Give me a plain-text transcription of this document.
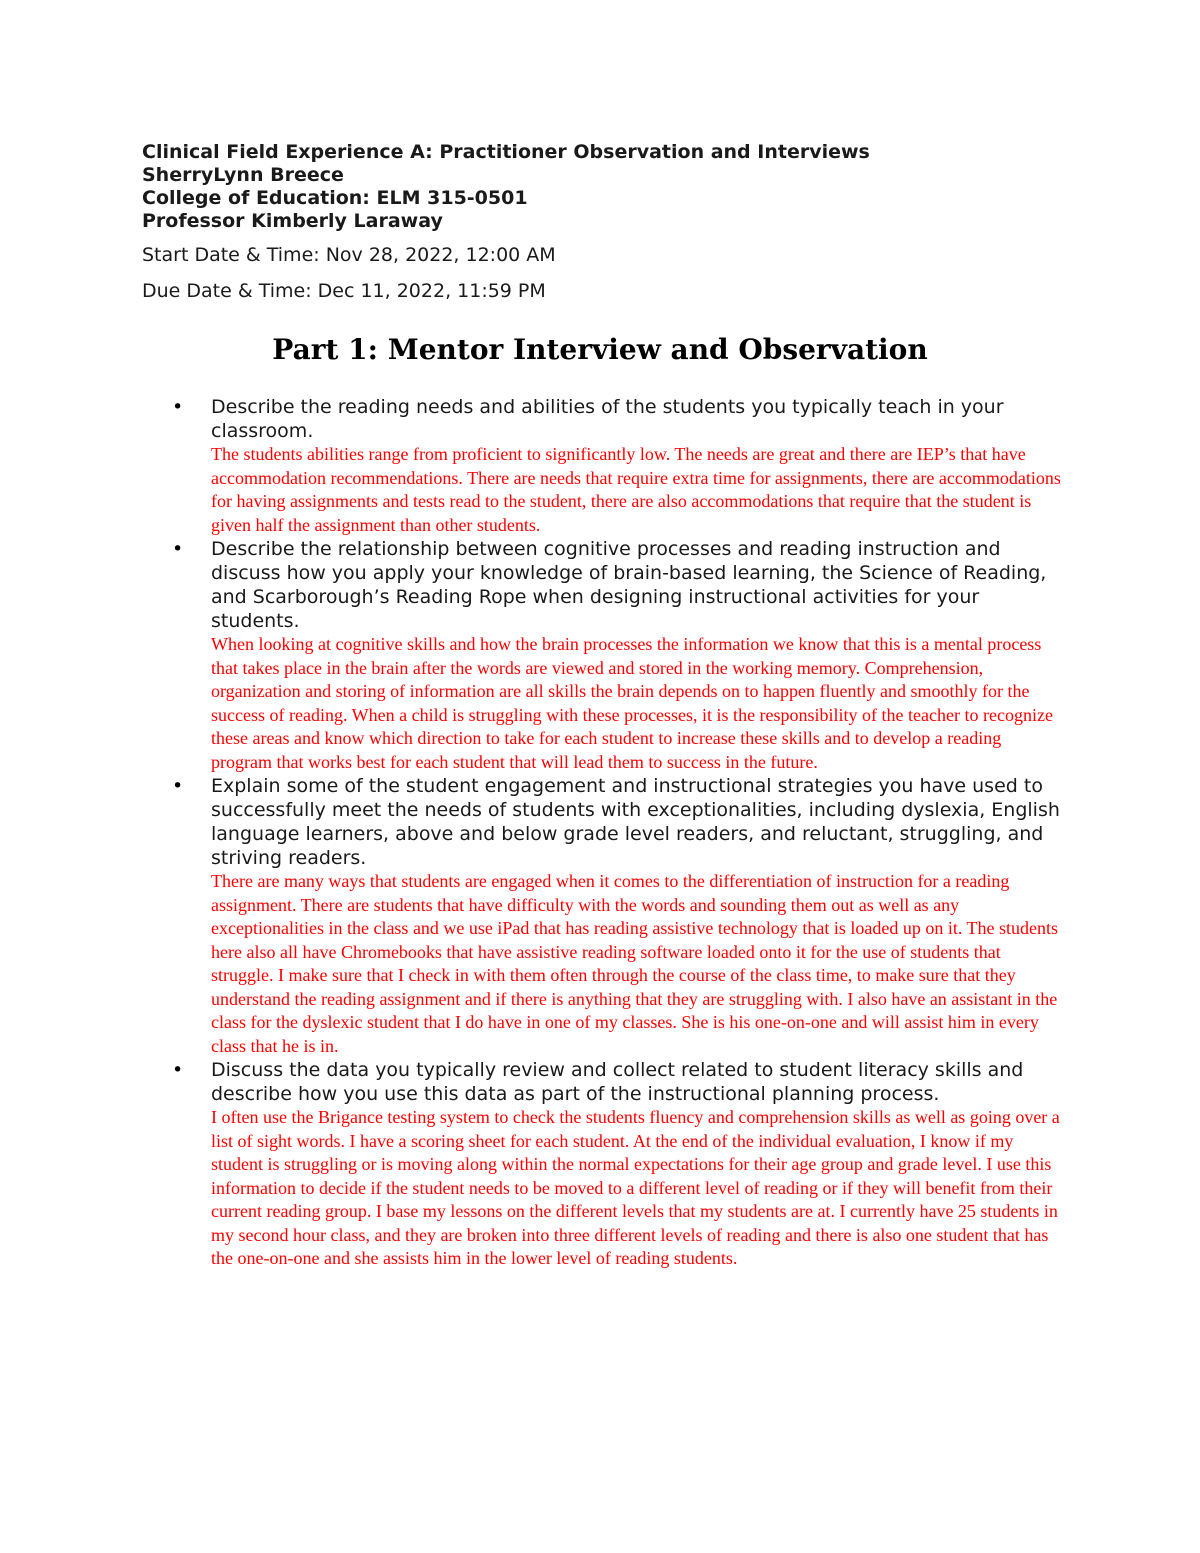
Clinical Field Experience A: Practitioner Observation and Interviews
SherryLynn Breece
College of Education: ELM 315-0501
Professor Kimberly Laraway
Start Date & Time: Nov 28, 2022, 12:00 AM
Due Date & Time: Dec 11, 2022, 11:59 PM
Part 1: Mentor Interview and Observation
• Describe the reading needs and abilities of the students you typically teach in your classroom.
The students abilities range from proficient to significantly low. The needs are great and there are IEP’s that have accommodation recommendations. There are needs that require extra time for assignments, there are accommodations for having assignments and tests read to the student, there are also accommodations that require that the student is given half the assignment than other students.
• Describe the relationship between cognitive processes and reading instruction and discuss how you apply your knowledge of brain-based learning, the Science of Reading, and Scarborough’s Reading Rope when designing instructional activities for your students.
When looking at cognitive skills and how the brain processes the information we know that this is a mental process that takes place in the brain after the words are viewed and stored in the working memory. Comprehension, organization and storing of information are all skills the brain depends on to happen fluently and smoothly for the success of reading. When a child is struggling with these processes, it is the responsibility of the teacher to recognize these areas and know which direction to take for each student to increase these skills and to develop a reading program that works best for each student that will lead them to success in the future.
• Explain some of the student engagement and instructional strategies you have used to successfully meet the needs of students with exceptionalities, including dyslexia, English language learners, above and below grade level readers, and reluctant, struggling, and striving readers.
There are many ways that students are engaged when it comes to the differentiation of instruction for a reading assignment. There are students that have difficulty with the words and sounding them out as well as any exceptionalities in the class and we use iPad that has reading assistive technology that is loaded up on it. The students here also all have Chromebooks that have assistive reading software loaded onto it for the use of students that struggle. I make sure that I check in with them often through the course of the class time, to make sure that they understand the reading assignment and if there is anything that they are struggling with. I also have an assistant in the class for the dyslexic student that I do have in one of my classes. She is his one-on-one and will assist him in every class that he is in.
• Discuss the data you typically review and collect related to student literacy skills and describe how you use this data as part of the instructional planning process.
I often use the Brigance testing system to check the students fluency and comprehension skills as well as going over a list of sight words. I have a scoring sheet for each student. At the end of the individual evaluation, I know if my student is struggling or is moving along within the normal expectations for their age group and grade level. I use this information to decide if the student needs to be moved to a different level of reading or if they will benefit from their current reading group. I base my lessons on the different levels that my students are at. I currently have 25 students in my second hour class, and they are broken into three different levels of reading and there is also one student that has the one-on-one and she assists him in the lower level of reading students.
